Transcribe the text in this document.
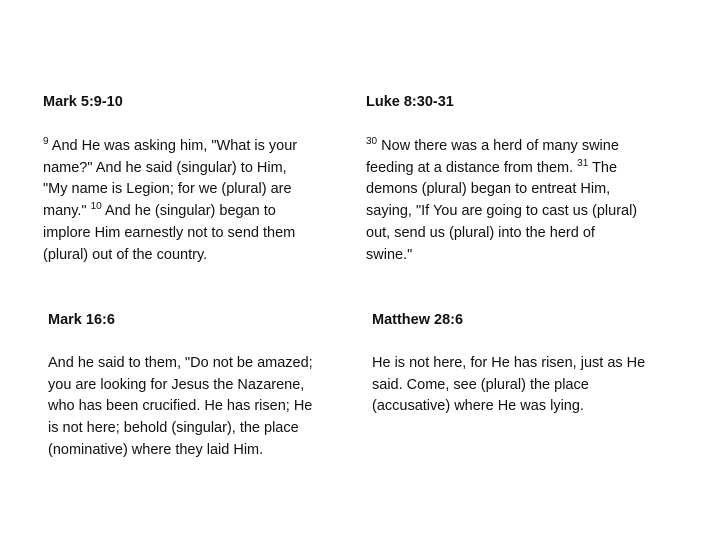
Mark 5:9-10
$^9$ And He was asking him, "What is your
name?" And he said (singular) to Him,
"My name is Legion; for we (plural) are
many." $^{10}$ And he (singular) began to
implore Him earnestly not to send them
(plural) out of the country.
Luke 8:30-31
$^{30}$ Now there was a herd of many swine
feeding at a distance from them. $^{31}$ The
demons (plural) began to entreat Him,
saying, "If You are going to cast us (plural)
out, send us (plural) into the herd of
swine."
Mark 16:6
And he said to them, "Do not be amazed;
you are looking for Jesus the Nazarene,
who has been crucified. He has risen; He
is not here; behold (singular), the place
(nominative) where they laid Him.
Matthew 28:6
He is not here, for He has risen, just as He
said. Come, see (plural) the place
(accusative) where He was lying.
